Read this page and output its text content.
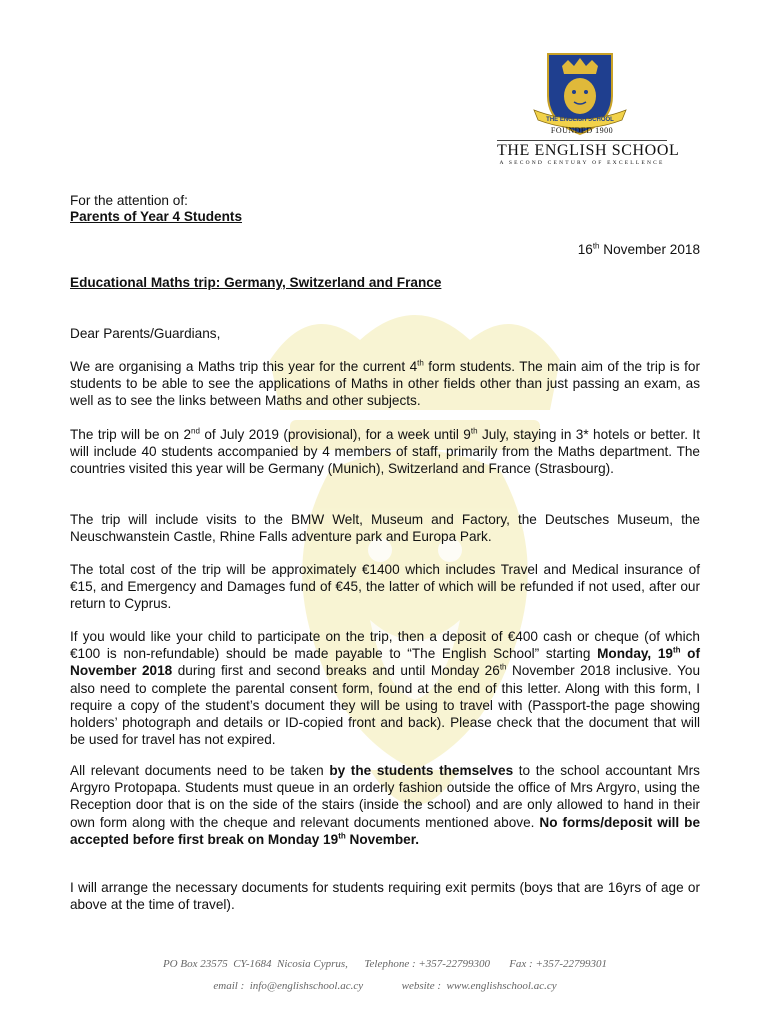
THE ENGLISH SCHOOL
FOUNDED 1900
THE ENGLISH SCHOOL
A SECOND CENTURY OF EXCELLENCE
For the attention of:
Parents of Year 4 Students
16th November 2018
Educational Maths trip: Germany, Switzerland and France
Dear Parents/Guardians,

We are organising a Maths trip this year for the current 4th form students. The main aim of the trip is for students to be able to see the applications of Maths in other fields other than just passing an exam, as well as to see the links between Maths and other subjects.

The trip will be on 2nd of July 2019 (provisional), for a week until 9th July, staying in 3* hotels or better. It will include 40 students accompanied by 4 members of staff, primarily from the Maths department. The countries visited this year will be Germany (Munich), Switzerland and France (Strasbourg).

The trip will include visits to the BMW Welt, Museum and Factory, the Deutsches Museum, the Neuschwanstein Castle, Rhine Falls adventure park and Europa Park.

The total cost of the trip will be approximately €1400 which includes Travel and Medical insurance of €15, and Emergency and Damages fund of €45, the latter of which will be refunded if not used, after our return to Cyprus.

If you would like your child to participate on the trip, then a deposit of €400 cash or cheque (of which €100 is non-refundable) should be made payable to “The English School” starting Monday, 19th of November 2018 during first and second breaks and until Monday 26th November 2018 inclusive. You also need to complete the parental consent form, found at the end of this letter. Along with this form, I require a copy of the student’s document they will be using to travel with (Passport-the page showing holders’ photograph and details or ID-copied front and back). Please check that the document that will be used for travel has not expired.

All relevant documents need to be taken by the students themselves to the school accountant Mrs Argyro Protopapa. Students must queue in an orderly fashion outside the office of Mrs Argyro, using the Reception door that is on the side of the stairs (inside the school) and are only allowed to hand in their own form along with the cheque and relevant documents mentioned above. No forms/deposit will be accepted before first break on Monday 19th November.

I will arrange the necessary documents for students requiring exit permits (boys that are 16yrs of age or above at the time of travel).

PO Box 23575  CY-1684  Nicosia Cyprus,      Telephone : +357-22799300       Fax : +357-22799301
email :  info@englishschool.ac.cy              website :  www.englishschool.ac.cy
